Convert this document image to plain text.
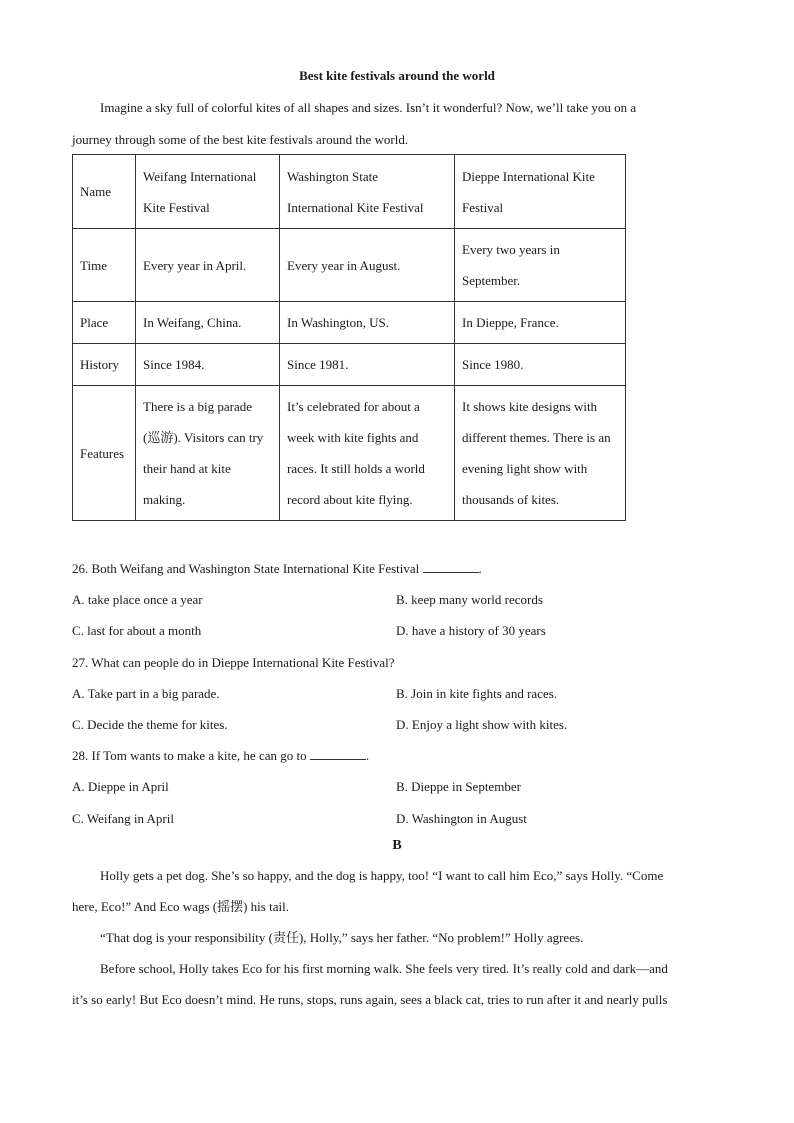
Best kite festivals around the world
Imagine a sky full of colorful kites of all shapes and sizes. Isn’t it wonderful? Now, we’ll take you on a
journey through some of the best kite festivals around the world.
Name	Weifang International Kite Festival	Washington State International Kite Festival	Dieppe International Kite Festival
Time	Every year in April.	Every year in August.	Every two years in September.
Place	In Weifang, China.	In Washington, US.	In Dieppe, France.
History	Since 1984.	Since 1981.	Since 1980.
Features	There is a big parade (巡游). Visitors can try their hand at kite making.	It’s celebrated for about a week with kite fights and races. It still holds a world record about kite flying.	It shows kite designs with different themes. There is an evening light show with thousands of kites.
26. Both Weifang and Washington State International Kite Festival	.
A. take place once a year	B. keep many world records
C. last for about a month	D. have a history of 30 years
27. What can people do in Dieppe International Kite Festival?
A. Take part in a big parade.	B. Join in kite fights and races.
C. Decide the theme for kites.	D. Enjoy a light show with kites.
28. If Tom wants to make a kite, he can go to	.
A. Dieppe in April	B. Dieppe in September
C. Weifang in April	D. Washington in August
B
Holly gets a pet dog. She’s so happy, and the dog is happy, too! “I want to call him Eco,” says Holly. “Come
here, Eco!” And Eco wags (摇摆) his tail.
“That dog is your responsibility (责任), Holly,” says her father. “No problem!” Holly agrees.
Before school, Holly takes Eco for his first morning walk. She feels very tired. It’s really cold and dark—and
it’s so early! But Eco doesn’t mind. He runs, stops, runs again, sees a black cat, tries to run after it and nearly pulls
